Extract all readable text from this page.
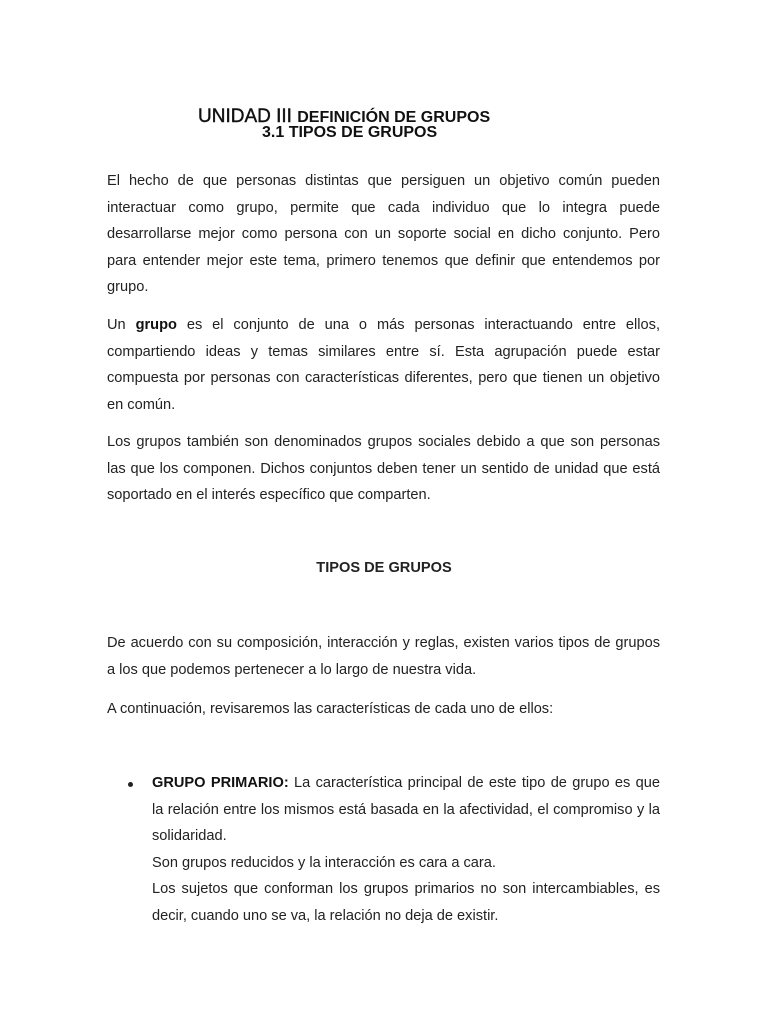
UNIDAD III DEFINICIÓN DE GRUPOS
3.1 TIPOS DE GRUPOS

El hecho de que personas distintas que persiguen un objetivo común pueden interactuar como grupo, permite que cada individuo que lo integra puede desarrollarse mejor como persona con un soporte social en dicho conjunto. Pero para entender mejor este tema, primero tenemos que definir que entendemos por grupo.

Un grupo es el conjunto de una o más personas interactuando entre ellos, compartiendo ideas y temas similares entre sí. Esta agrupación puede estar compuesta por personas con características diferentes, pero que tienen un objetivo en común.

Los grupos también son denominados grupos sociales debido a que son personas las que los componen. Dichos conjuntos deben tener un sentido de unidad que está soportado en el interés específico que comparten.

TIPOS DE GRUPOS

De acuerdo con su composición, interacción y reglas, existen varios tipos de grupos a los que podemos pertenecer a lo largo de nuestra vida.

A continuación, revisaremos las características de cada uno de ellos:

GRUPO PRIMARIO: La característica principal de este tipo de grupo es que la relación entre los mismos está basada en la afectividad, el compromiso y la solidaridad.

Son grupos reducidos y la interacción es cara a cara.

Los sujetos que conforman los grupos primarios no son intercambiables, es decir, cuando uno se va, la relación no deja de existir.
